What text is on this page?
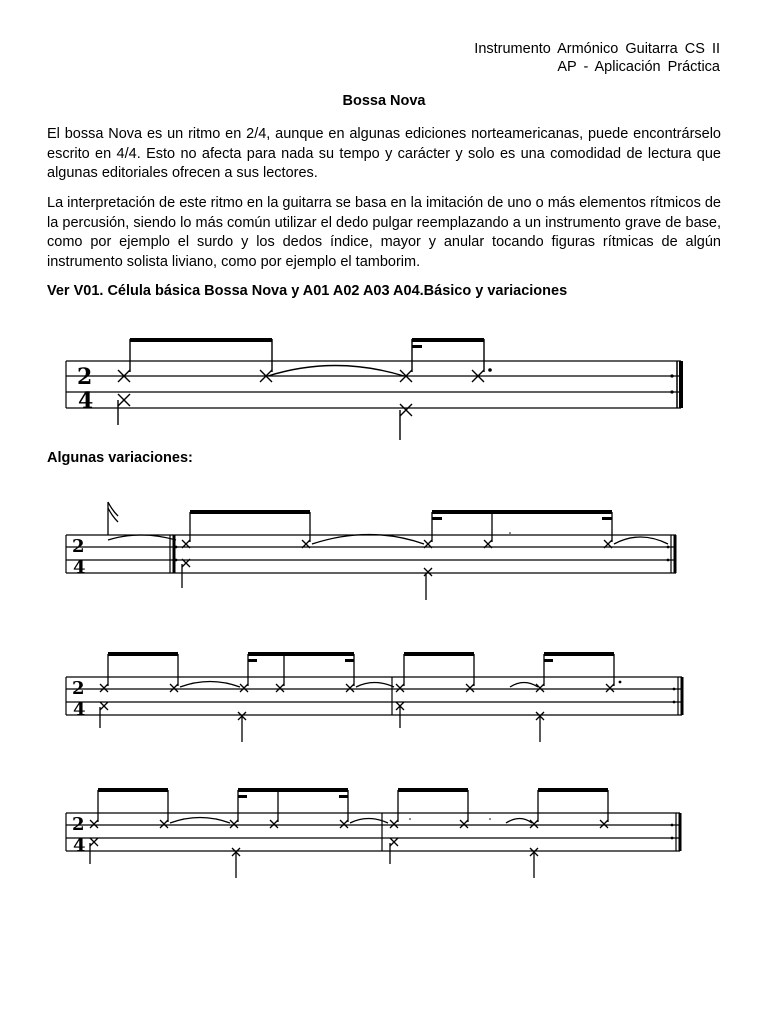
Instrumento Armónico Guitarra CS II
AP - Aplicación Práctica
Bossa Nova
El bossa Nova es un ritmo en 2/4, aunque en algunas ediciones norteamericanas, puede encontrárselo escrito en 4/4. Esto no afecta para nada su tempo y carácter y solo es una comodidad de lectura que algunas editoriales ofrecen a sus lectores.
La interpretación de este ritmo en la guitarra se basa en la imitación de uno o más elementos rítmicos de la percusión, siendo lo más común utilizar el dedo pulgar reemplazando a un instrumento grave de base, como por ejemplo el surdo y los dedos índice, mayor y anular tocando figuras rítmicas de algún instrumento solista liviano, como por ejemplo el tamborim.
Ver V01. Célula básica Bossa Nova y A01 A02 A03 A04.Básico y variaciones
2
4
Algunas variaciones:
2
4
2
4
2
4
